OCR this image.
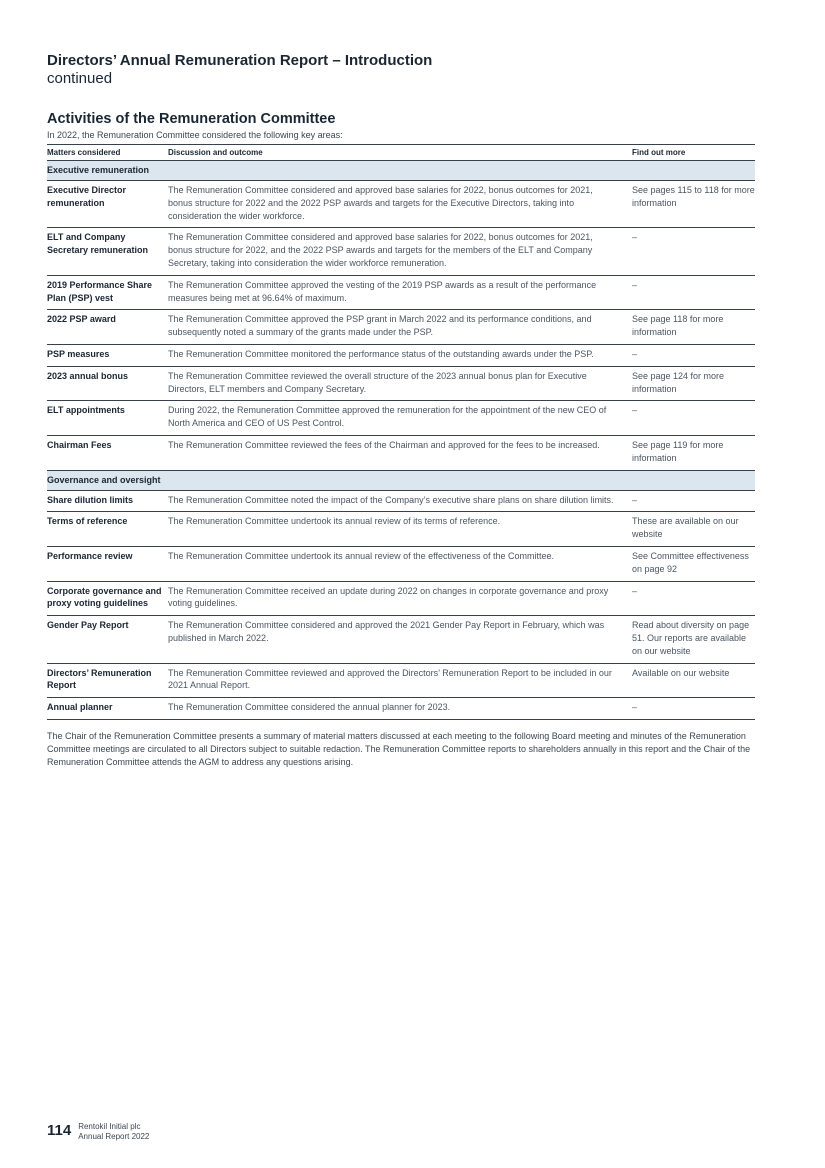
Directors’ Annual Remuneration Report – Introduction
continued
Activities of the Remuneration Committee
In 2022, the Remuneration Committee considered the following key areas:
Matters considered	Discussion and outcome	Find out more
Executive remuneration		
Executive Director remuneration	The Remuneration Committee considered and approved base salaries for 2022, bonus outcomes for 2021, bonus structure for 2022 and the 2022 PSP awards and targets for the Executive Directors, taking into consideration the wider workforce.	See pages 115 to 118 for more information
ELT and Company Secretary remuneration	The Remuneration Committee considered and approved base salaries for 2022, bonus outcomes for 2021, bonus structure for 2022, and the 2022 PSP awards and targets for the members of the ELT and Company Secretary, taking into consideration the wider workforce remuneration.	–
2019 Performance Share Plan (PSP) vest	The Remuneration Committee approved the vesting of the 2019 PSP awards as a result of the performance measures being met at 96.64% of maximum.	–
2022 PSP award	The Remuneration Committee approved the PSP grant in March 2022 and its performance conditions, and subsequently noted a summary of the grants made under the PSP.	See page 118 for more information
PSP measures	The Remuneration Committee monitored the performance status of the outstanding awards under the PSP.	–
2023 annual bonus	The Remuneration Committee reviewed the overall structure of the 2023 annual bonus plan for Executive Directors, ELT members and Company Secretary.	See page 124 for more information
ELT appointments	During 2022, the Remuneration Committee approved the remuneration for the appointment of the new CEO of North America and CEO of US Pest Control.	–
Chairman Fees	The Remuneration Committee reviewed the fees of the Chairman and approved for the fees to be increased.	See page 119 for more information
Governance and oversight		
Share dilution limits	The Remuneration Committee noted the impact of the Company’s executive share plans on share dilution limits.	–
Terms of reference	The Remuneration Committee undertook its annual review of its terms of reference.	These are available on our website
Performance review	The Remuneration Committee undertook its annual review of the effectiveness of the Committee.	See Committee effectiveness on page 92
Corporate governance and proxy voting guidelines	The Remuneration Committee received an update during 2022 on changes in corporate governance and proxy voting guidelines.	–
Gender Pay Report	The Remuneration Committee considered and approved the 2021 Gender Pay Report in February, which was published in March 2022.	Read about diversity on page 51. Our reports are available on our website
Directors’ Remuneration Report	The Remuneration Committee reviewed and approved the Directors’ Remuneration Report to be included in our 2021 Annual Report.	Available on our website
Annual planner	The Remuneration Committee considered the annual planner for 2023.	–
The Chair of the Remuneration Committee presents a summary of material matters discussed at each meeting to the following Board meeting and minutes of the Remuneration Committee meetings are circulated to all Directors subject to suitable redaction. The Remuneration Committee reports to shareholders annually in this report and the Chair of the Remuneration Committee attends the AGM to address any questions arising.
114 Rentokil Initial plc
Annual Report 2022
